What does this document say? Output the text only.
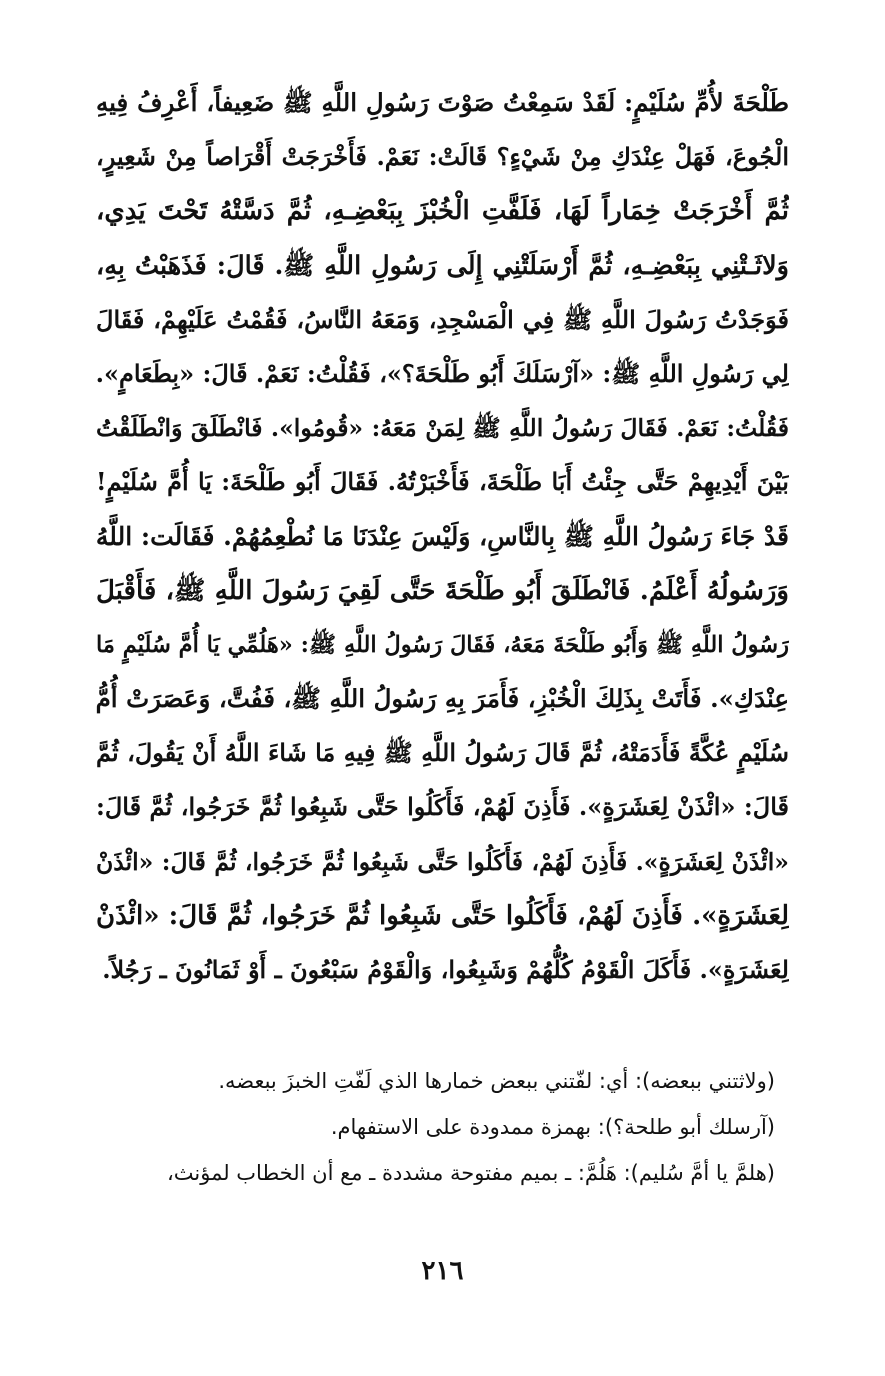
طَلْحَةَ لأُمِّ سُلَيْمٍ: لَقَدْ سَمِعْتُ صَوْتَ رَسُولِ اللَّهِ ﷺ ضَعِيفاً، أَعْرِفُ فِيهِ
الْجُوعَ، فَهَلْ عِنْدَكِ مِنْ شَيْءٍ؟ قَالَتْ: نَعَمْ. فَأَخْرَجَتْ أَقْرَاصاً مِنْ شَعِيرٍ،
ثُمَّ أَخْرَجَتْ خِمَاراً لَهَا، فَلَفَّتِ الْخُبْزَ بِبَعْضِـهِ، ثُمَّ دَسَّتْهُ تَحْتَ يَدِي،
وَلاثَـتْنِي بِبَعْضِـهِ، ثُمَّ أَرْسَلَتْنِي إِلَى رَسُولِ اللَّهِ ﷺ. قَالَ: فَذَهَبْتُ بِهِ،
فَوَجَدْتُ رَسُولَ اللَّهِ ﷺ فِي الْمَسْجِدِ، وَمَعَهُ النَّاسُ، فَقُمْتُ عَلَيْهِمْ، فَقَالَ
لِي رَسُولِ اللَّهِ ﷺ: «آرْسَلَكَ أَبُو طَلْحَةَ؟»، فَقُلْتُ: نَعَمْ. قَالَ: «بِطَعَامٍ».
فَقُلْتُ: نَعَمْ. فَقَالَ رَسُولُ اللَّهِ ﷺ لِمَنْ مَعَهُ: «قُومُوا». فَانْطَلَقَ وَانْطَلَقْتُ
بَيْنَ أَيْدِيهِمْ حَتَّى جِئْتُ أَبَا طَلْحَةَ، فَأَخْبَرْتُهُ. فَقَالَ أَبُو طَلْحَةَ: يَا أُمَّ سُلَيْمٍ!
قَدْ جَاءَ رَسُولُ اللَّهِ ﷺ بِالنَّاسِ، وَلَيْسَ عِنْدَنَا مَا نُطْعِمُهُمْ. فَقَالَت: اللَّهُ
وَرَسُولُهُ أَعْلَمُ. فَانْطَلَقَ أَبُو طَلْحَةَ حَتَّى لَقِيَ رَسُولَ اللَّهِ ﷺ، فَأَقْبَلَ
رَسُولُ اللَّهِ ﷺ وَأَبُو طَلْحَةَ مَعَهُ، فَقَالَ رَسُولُ اللَّهِ ﷺ: «هَلُمِّي يَا أُمَّ سُلَيْمٍ مَا
عِنْدَكِ». فَأَتَتْ بِذَلِكَ الْخُبْزِ، فَأَمَرَ بِهِ رَسُولُ اللَّهِ ﷺ، فَفُتَّ، وَعَصَرَتْ أُمُّ
سُلَيْمٍ عُكَّةً فَأَدَمَتْهُ، ثُمَّ قَالَ رَسُولُ اللَّهِ ﷺ فِيهِ مَا شَاءَ اللَّهُ أَنْ يَقُولَ، ثُمَّ
قَالَ: «ائْذَنْ لِعَشَرَةٍ». فَأَذِنَ لَهُمْ، فَأَكَلُوا حَتَّى شَبِعُوا ثُمَّ خَرَجُوا، ثُمَّ قَالَ:
«ائْذَنْ لِعَشَرَةٍ». فَأَذِنَ لَهُمْ، فَأَكَلُوا حَتَّى شَبِعُوا ثُمَّ خَرَجُوا، ثُمَّ قَالَ: «ائْذَنْ
لِعَشَرَةٍ». فَأَذِنَ لَهُمْ، فَأَكَلُوا حَتَّى شَبِعُوا ثُمَّ خَرَجُوا، ثُمَّ قَالَ: «ائْذَنْ
لِعَشَرَةٍ». فَأَكَلَ الْقَوْمُ كُلُّهُمْ وَشَبِعُوا، وَالْقَوْمُ سَبْعُونَ ـ أَوْ ثَمَانُونَ ـ رَجُلاً.
(ولاثتني ببعضه): أي: لفّتني ببعض خمارها الذي لَفّتِ الخبزَ ببعضه.
(آرسلك أبو طلحة؟): بهمزة ممدودة على الاستفهام.
(هلمَّ يا أمَّ سُليم): هَلُمَّ: ـ بميم مفتوحة مشددة ـ مع أن الخطاب لمؤنث،
٢١٦
